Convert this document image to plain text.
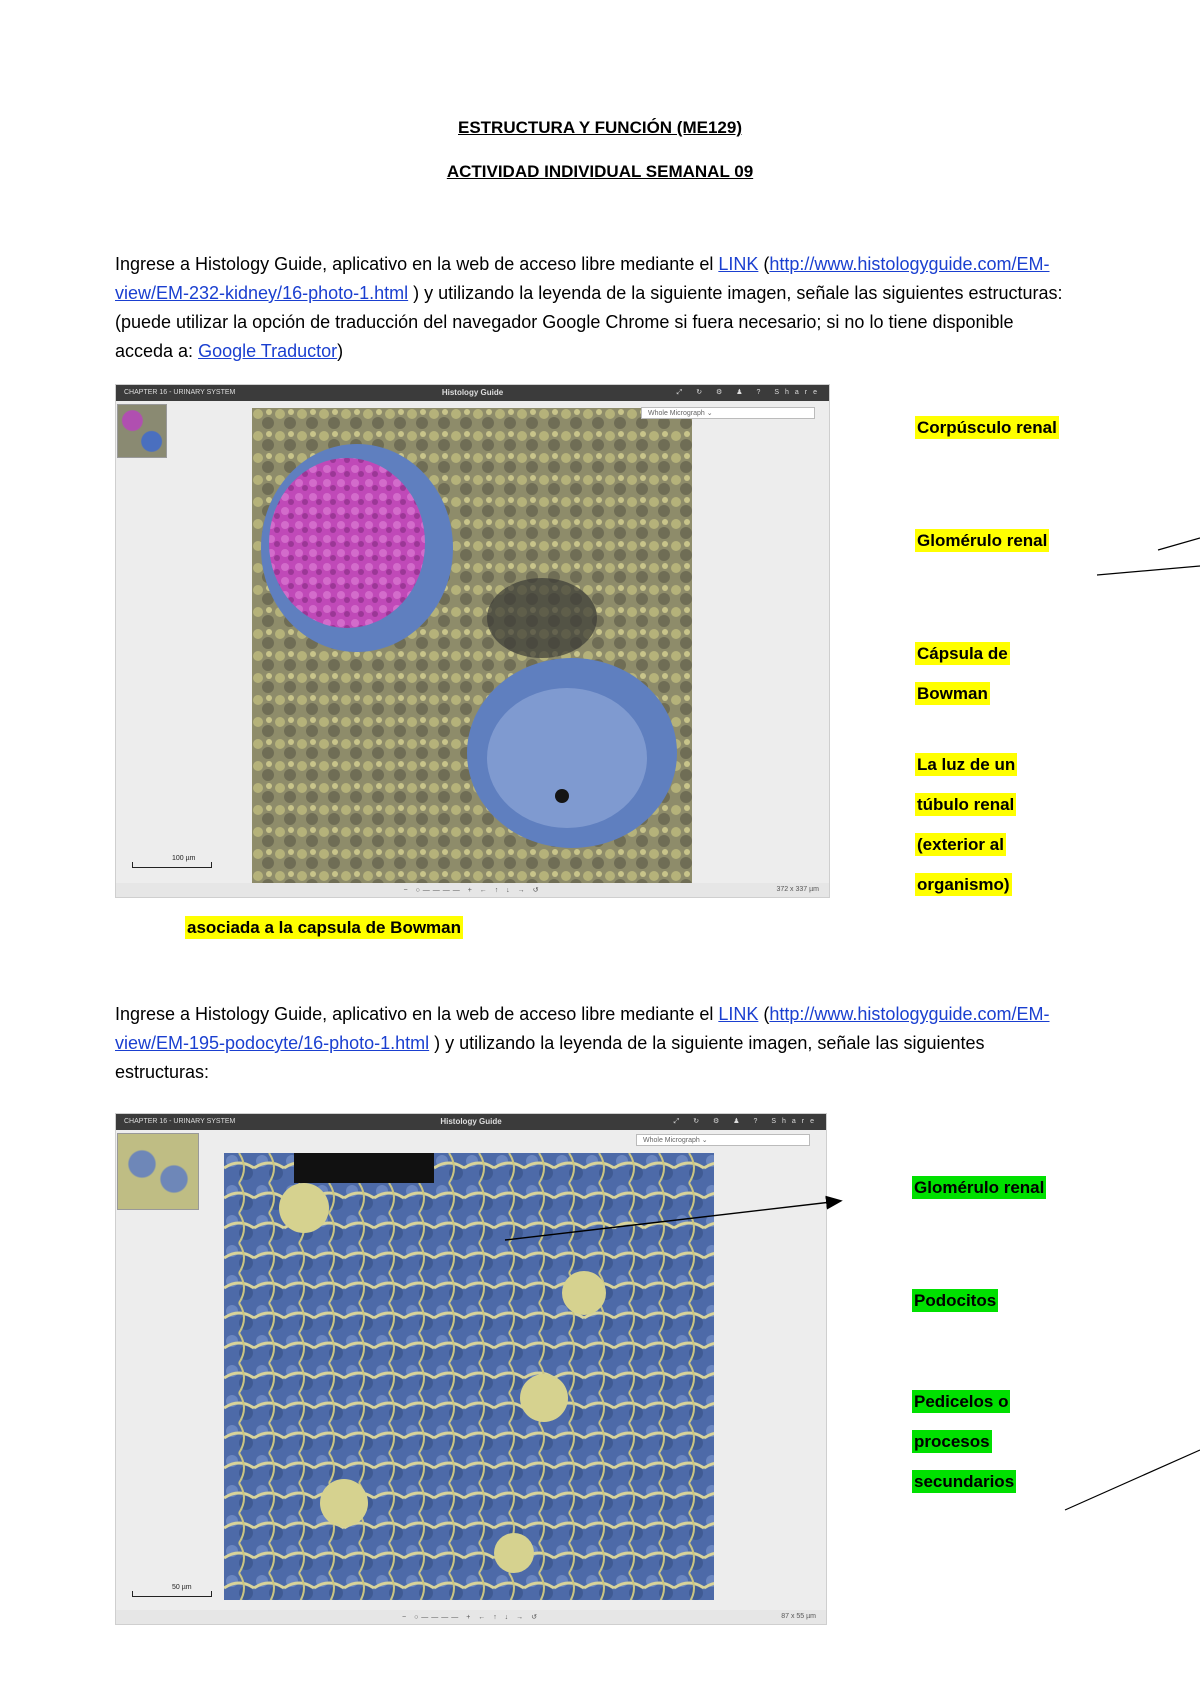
ESTRUCTURA Y FUNCIÓN (ME129)
ACTIVIDAD INDIVIDUAL SEMANAL 09

Ingrese a Histology Guide, aplicativo en la web de acceso libre mediante el LINK (http://www.histologyguide.com/EM-view/EM-232-kidney/16-photo-1.html ) y utilizando la leyenda de la siguiente imagen, señale las siguientes estructuras: (puede utilizar la opción de traducción del navegador Google Chrome si fuera necesario; si no lo tiene disponible acceda a: Google Traductor)

CHAPTER 16 - URINARY SYSTEM	Histology Guide	⤢ ↻ ⚙ ♟ ? Share
Whole Micrograph ⌄
100 µm
− ○———— + ← ↑ ↓ → ↺	372 x 337 µm
Corpúsculo renal
Glomérulo renal
Cápsula de
Bowman
La luz de un
túbulo renal
(exterior al
organismo)
asociada a la capsula de Bowman

Ingrese a Histology Guide, aplicativo en la web de acceso libre mediante el LINK (http://www.histologyguide.com/EM-view/EM-195-podocyte/16-photo-1.html ) y utilizando la leyenda de la siguiente imagen, señale las siguientes estructuras:

CHAPTER 16 - URINARY SYSTEM	Histology Guide	⤢ ↻ ⚙ ♟ ? Share
Whole Micrograph ⌄
50 µm
− ○———— + ← ↑ ↓ → ↺	87 x 55 µm
Glomérulo renal
Podocitos
Pedicelos o
procesos
secundarios
